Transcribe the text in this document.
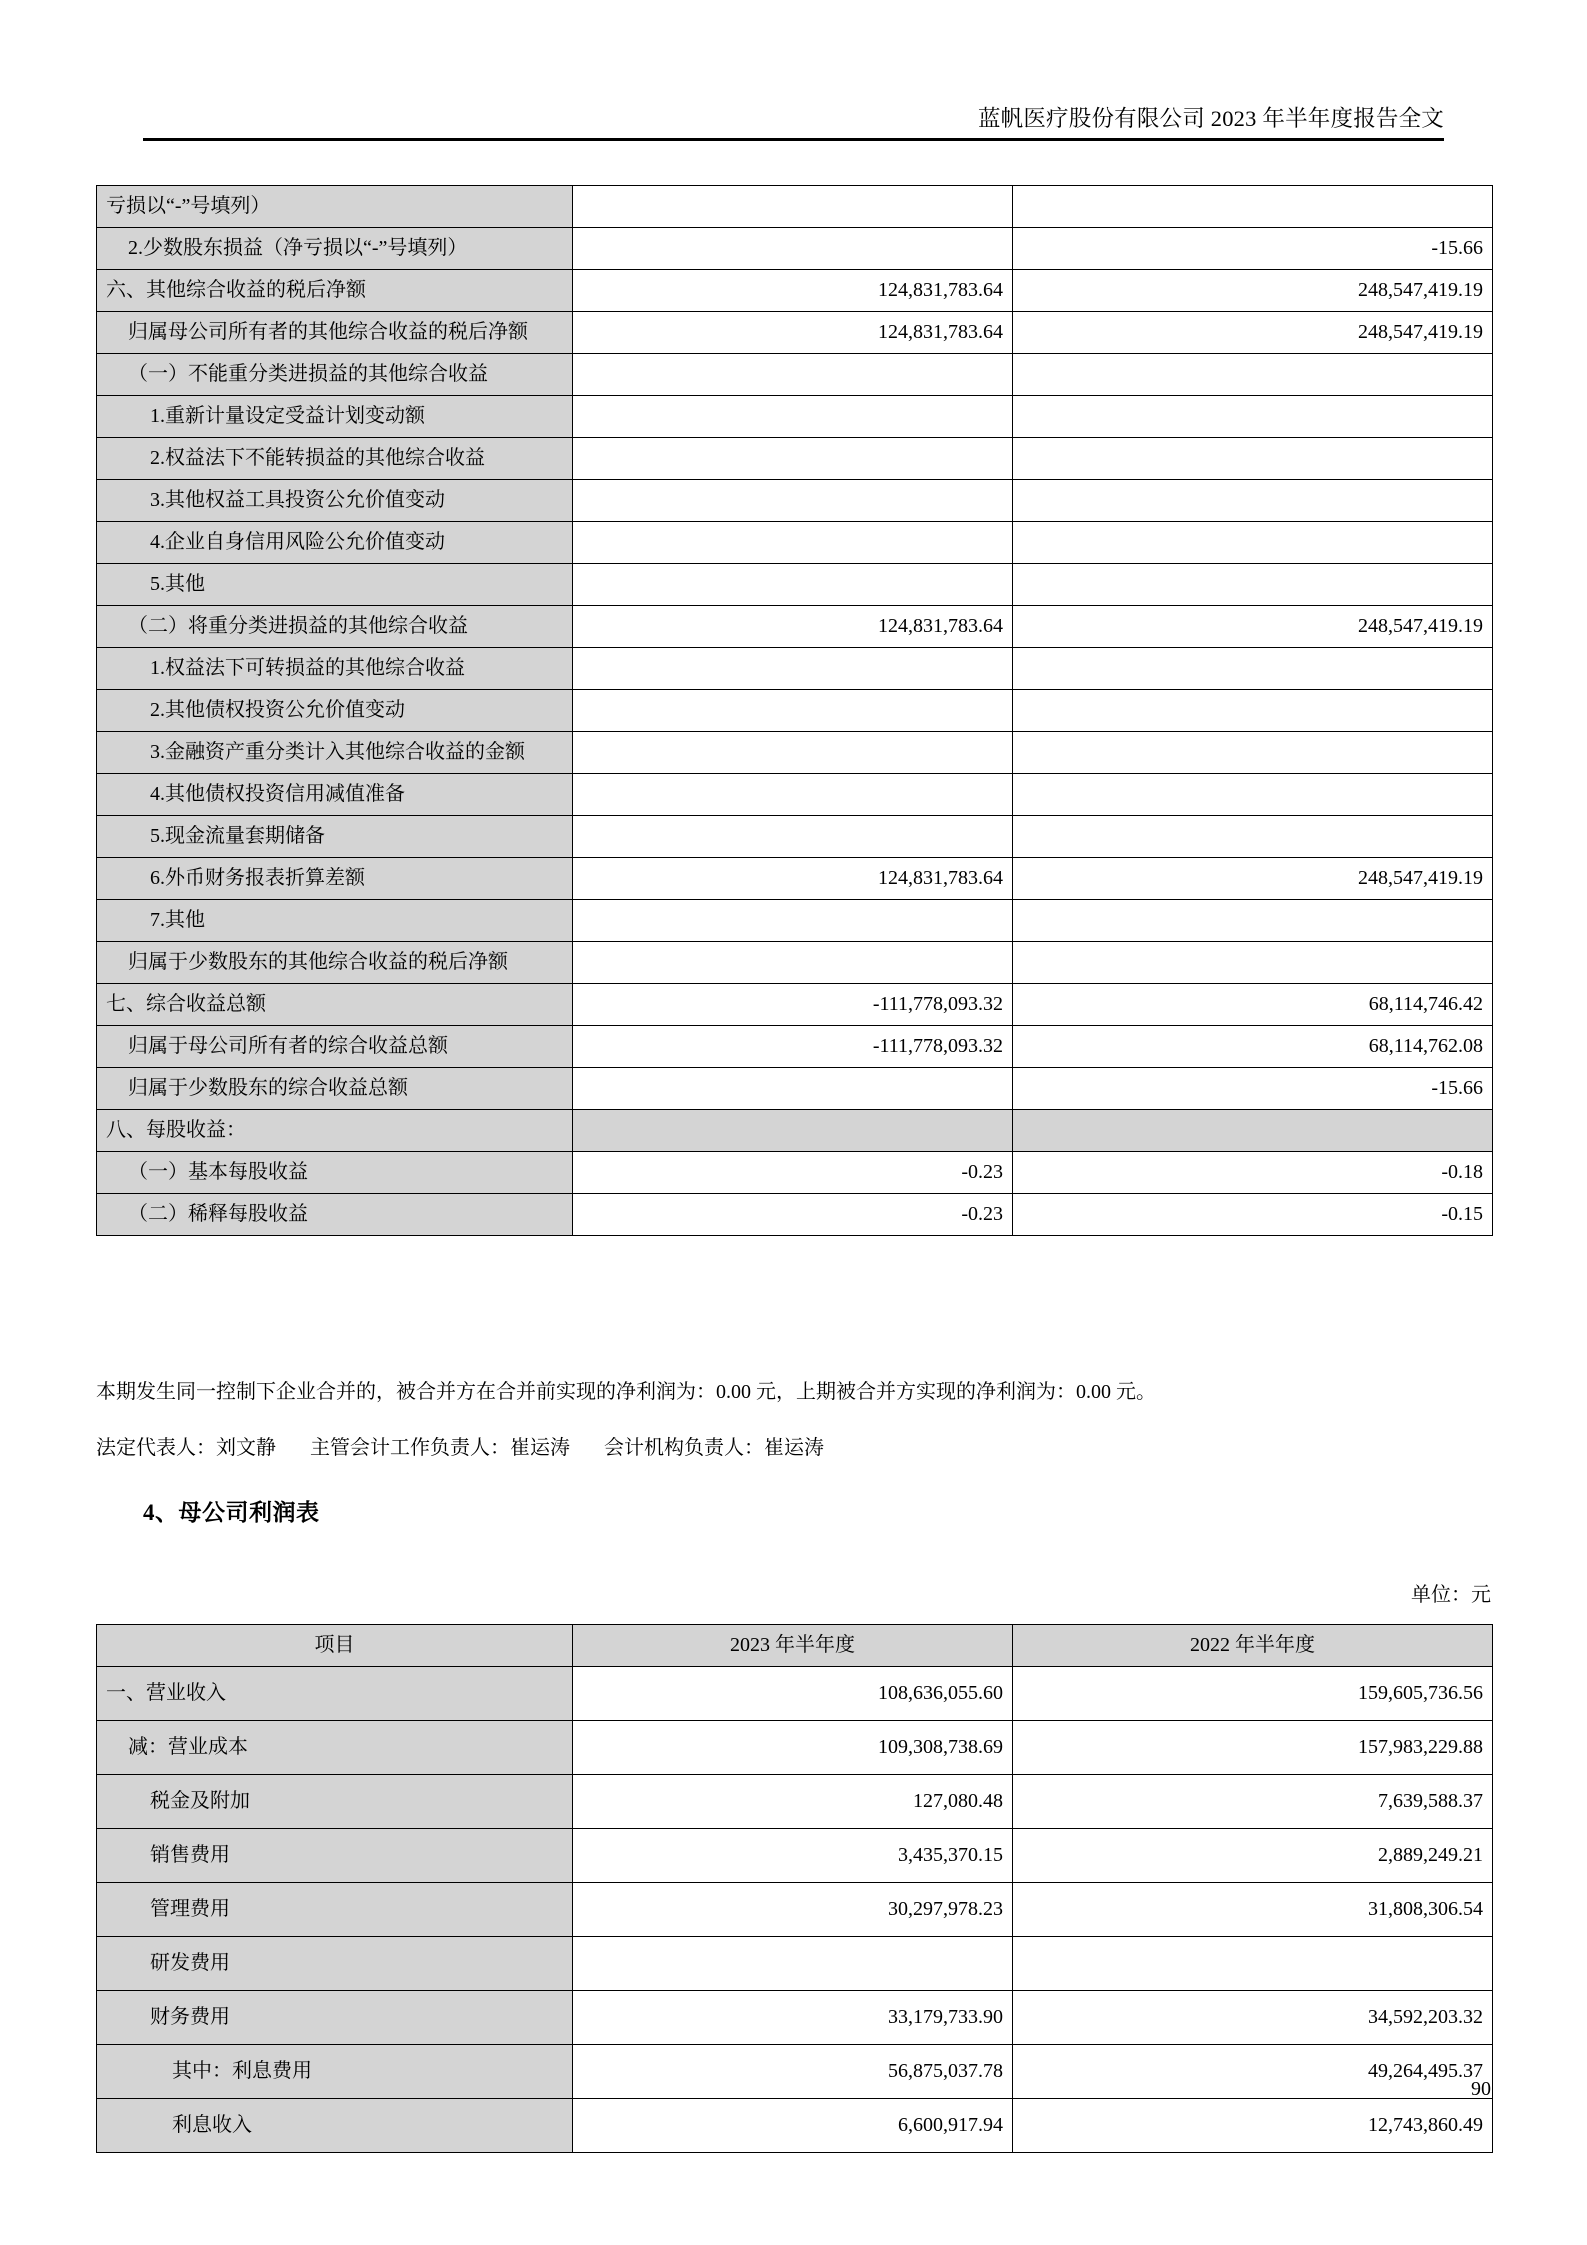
蓝帆医疗股份有限公司 2023 年半年度报告全文
亏损以“-”号填列）		
2.少数股东损益（净亏损以“-”号填列）		-15.66
六、其他综合收益的税后净额	124,831,783.64	248,547,419.19
归属母公司所有者的其他综合收益的税后净额	124,831,783.64	248,547,419.19
（一）不能重分类进损益的其他综合收益		
1.重新计量设定受益计划变动额		
2.权益法下不能转损益的其他综合收益		
3.其他权益工具投资公允价值变动		
4.企业自身信用风险公允价值变动		
5.其他		
（二）将重分类进损益的其他综合收益	124,831,783.64	248,547,419.19
1.权益法下可转损益的其他综合收益		
2.其他债权投资公允价值变动		
3.金融资产重分类计入其他综合收益的金额		
4.其他债权投资信用减值准备		
5.现金流量套期储备		
6.外币财务报表折算差额	124,831,783.64	248,547,419.19
7.其他		
归属于少数股东的其他综合收益的税后净额		
七、综合收益总额	-111,778,093.32	68,114,746.42
归属于母公司所有者的综合收益总额	-111,778,093.32	68,114,762.08
归属于少数股东的综合收益总额		-15.66
八、每股收益：		
（一）基本每股收益	-0.23	-0.18
（二）稀释每股收益	-0.23	-0.15
本期发生同一控制下企业合并的，被合并方在合并前实现的净利润为：0.00 元，上期被合并方实现的净利润为：0.00 元。
法定代表人：刘文静 主管会计工作负责人：崔运涛 会计机构负责人：崔运涛
4、母公司利润表
单位：元
项目	2023 年半年度	2022 年半年度
一、营业收入	108,636,055.60	159,605,736.56
减：营业成本	109,308,738.69	157,983,229.88
税金及附加	127,080.48	7,639,588.37
销售费用	3,435,370.15	2,889,249.21
管理费用	30,297,978.23	31,808,306.54
研发费用		
财务费用	33,179,733.90	34,592,203.32
其中：利息费用	56,875,037.78	49,264,495.37
利息收入	6,600,917.94	12,743,860.49
90
